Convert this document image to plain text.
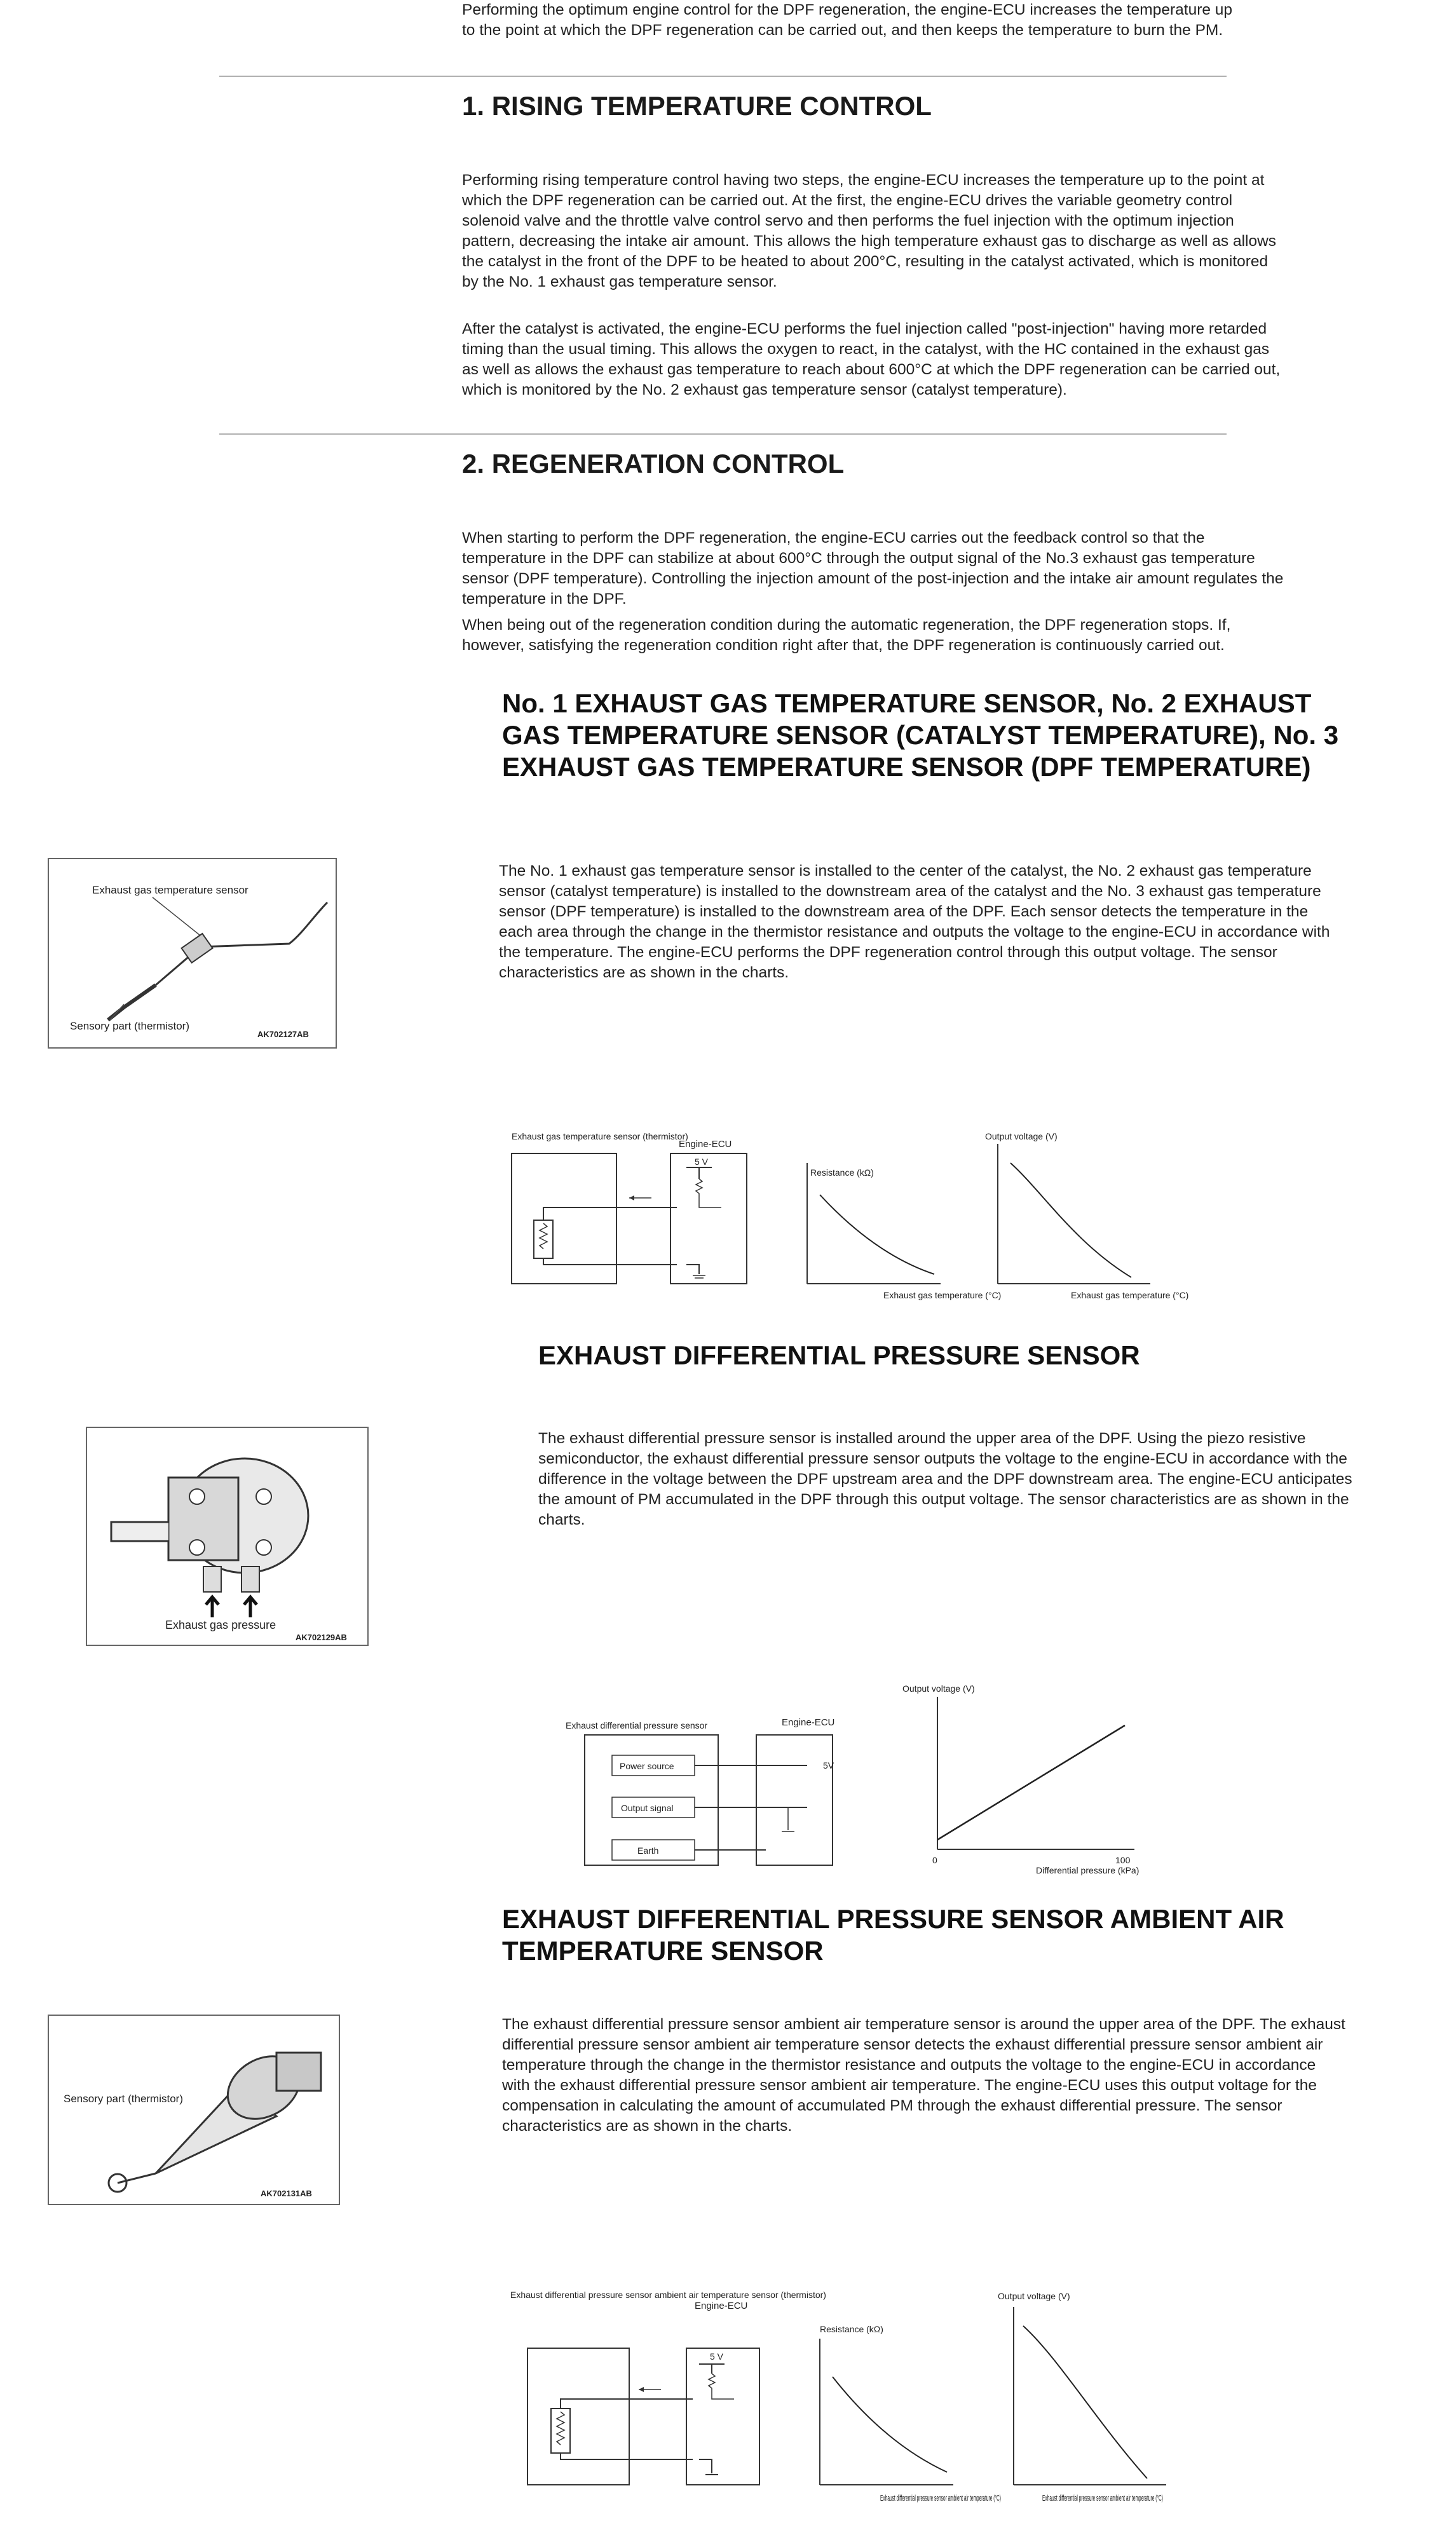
Performing the optimum engine control for the DPF regeneration, the engine-ECU increases the temperature up to the point at which the DPF regeneration can be carried out, and then keeps the temperature to burn the PM.
1. RISING TEMPERATURE CONTROL
Performing rising temperature control having two steps, the engine-ECU increases the temperature up to the point at which the DPF regeneration can be carried out. At the first, the engine-ECU drives the variable geometry control solenoid valve and the throttle valve control servo and then performs the fuel injection with the optimum injection pattern, decreasing the intake air amount. This allows the high temperature exhaust gas to discharge as well as allows the catalyst in the front of the DPF to be heated to about 200°C, resulting in the catalyst activated, which is monitored by the No. 1 exhaust gas temperature sensor.
After the catalyst is activated, the engine-ECU performs the fuel injection called "post-injection" having more retarded timing than the usual timing. This allows the oxygen to react, in the catalyst, with the HC contained in the exhaust gas as well as allows the exhaust gas temperature to reach about 600°C at which the DPF regeneration can be carried out, which is monitored by the No. 2 exhaust gas temperature sensor (catalyst temperature).
2. REGENERATION CONTROL
When starting to perform the DPF regeneration, the engine-ECU carries out the feedback control so that the temperature in the DPF can stabilize at about 600°C through the output signal of the No.3 exhaust gas temperature sensor (DPF temperature). Controlling the injection amount of the post-injection and the intake air amount regulates the temperature in the DPF.
When being out of the regeneration condition during the automatic regeneration, the DPF regeneration stops. If, however, satisfying the regeneration condition right after that, the DPF regeneration is continuously carried out.
No. 1 EXHAUST GAS TEMPERATURE SENSOR, No. 2 EXHAUST GAS TEMPERATURE SENSOR (CATALYST TEMPERATURE), No. 3 EXHAUST GAS TEMPERATURE SENSOR (DPF TEMPERATURE)
Exhaust gas temperature sensor
Sensory part (thermistor)
AK702127AB
The No. 1 exhaust gas temperature sensor is installed to the center of the catalyst, the No. 2 exhaust gas temperature sensor (catalyst temperature) is installed to the downstream area of the catalyst and the No. 3 exhaust gas temperature sensor (DPF temperature) is installed to the downstream area of the DPF. Each sensor detects the temperature in the each area through the change in the thermistor resistance and outputs the voltage to the engine-ECU in accordance with the temperature. The engine-ECU performs the DPF regeneration control through this output voltage. The sensor characteristics are as shown in the charts.
Exhaust gas temperature sensor (thermistor)
Engine-ECU
5 V
Resistance (kΩ)
Exhaust gas temperature (°C)
Output voltage (V)
Exhaust gas temperature (°C)
EXHAUST DIFFERENTIAL PRESSURE SENSOR
Exhaust gas pressure
AK702129AB
The exhaust differential pressure sensor is installed around the upper area of the DPF. Using the piezo resistive semiconductor, the exhaust differential pressure sensor outputs the voltage to the engine-ECU in accordance with the difference in the voltage between the DPF upstream area and the DPF downstream area. The engine-ECU anticipates the amount of PM accumulated in the DPF through this output voltage. The sensor characteristics are as shown in the charts.
Exhaust differential pressure sensor
Power source
Output signal
Earth
Engine-ECU
5V
Output voltage (V)
0	100
Differential pressure (kPa)
EXHAUST DIFFERENTIAL PRESSURE SENSOR AMBIENT AIR TEMPERATURE SENSOR
Sensory part (thermistor)
AK702131AB
The exhaust differential pressure sensor ambient air temperature sensor is around the upper area of the DPF. The exhaust differential pressure sensor ambient air temperature sensor detects the exhaust differential pressure sensor ambient air temperature through the change in the thermistor resistance and outputs the voltage to the engine-ECU in accordance with the exhaust differential pressure sensor ambient air temperature. The engine-ECU uses this output voltage for the compensation in calculating the amount of accumulated PM through the exhaust differential pressure. The sensor characteristics are as shown in the charts.
Exhaust differential pressure sensor ambient air temperature sensor (thermistor)
Engine-ECU
5 V
Resistance (kΩ)
Exhaust differential pressure sensor ambient air temperature (°C)
Output voltage (V)
Exhaust differential pressure sensor ambient air temperature (°C)
